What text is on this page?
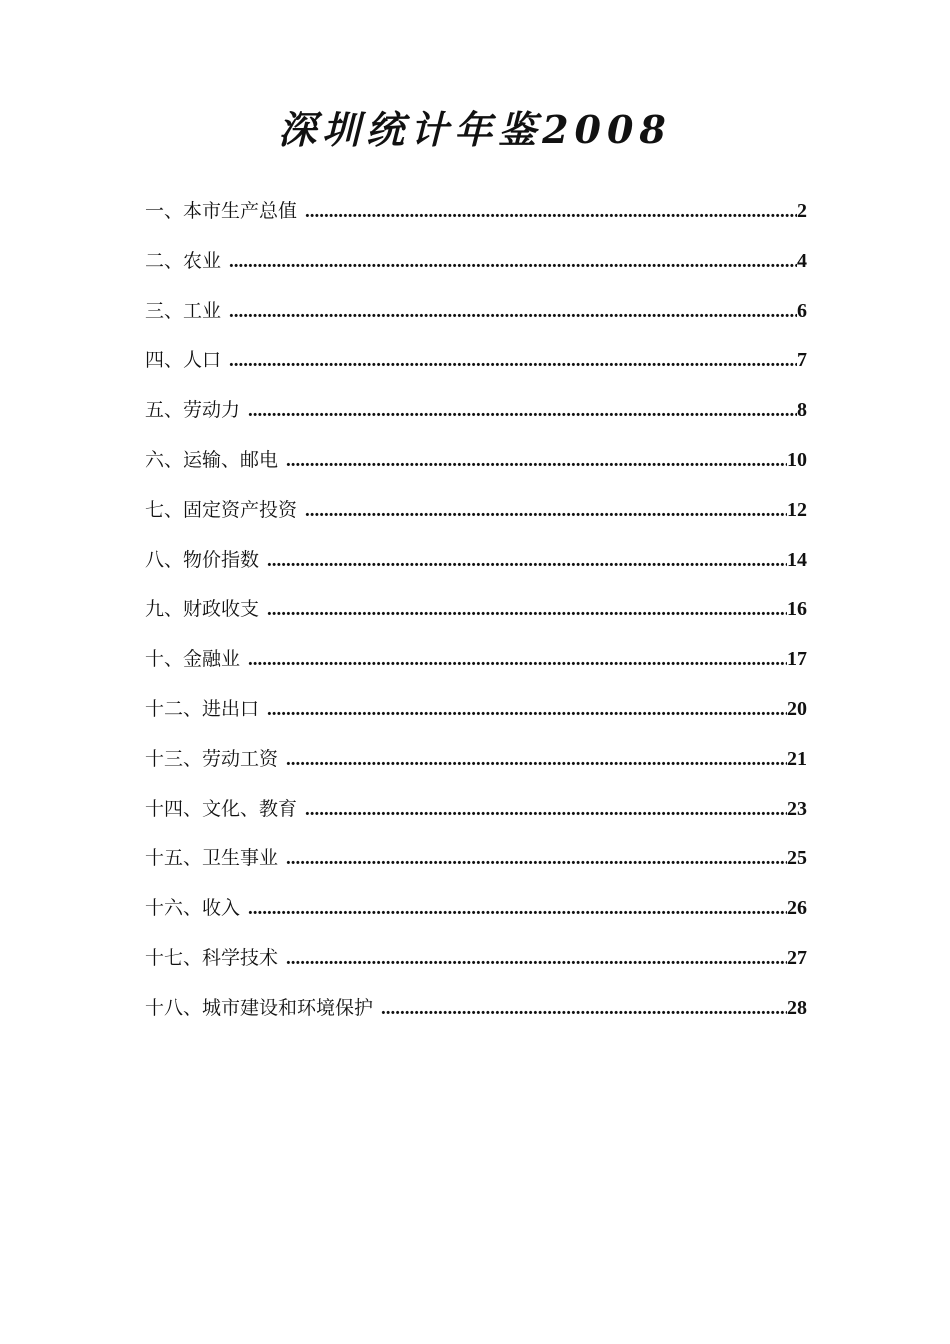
深圳统计年鉴2008
一、本市生产总值 .....	2
二、农业 .....	4
三、工业 .....	6
四、人口 .....	7
五、劳动力 .....	8
六、运输、邮电 .....	10
七、固定资产投资 .....	12
八、物价指数 .....	14
九、财政收支 .....	16
十、金融业 .....	17
十二、进出口 .....	20
十三、劳动工资 .....	21
十四、文化、教育 .....	23
十五、卫生事业 .....	25
十六、收入 .....	26
十七、科学技术 .....	27
十八、城市建设和环境保护 .....	28
